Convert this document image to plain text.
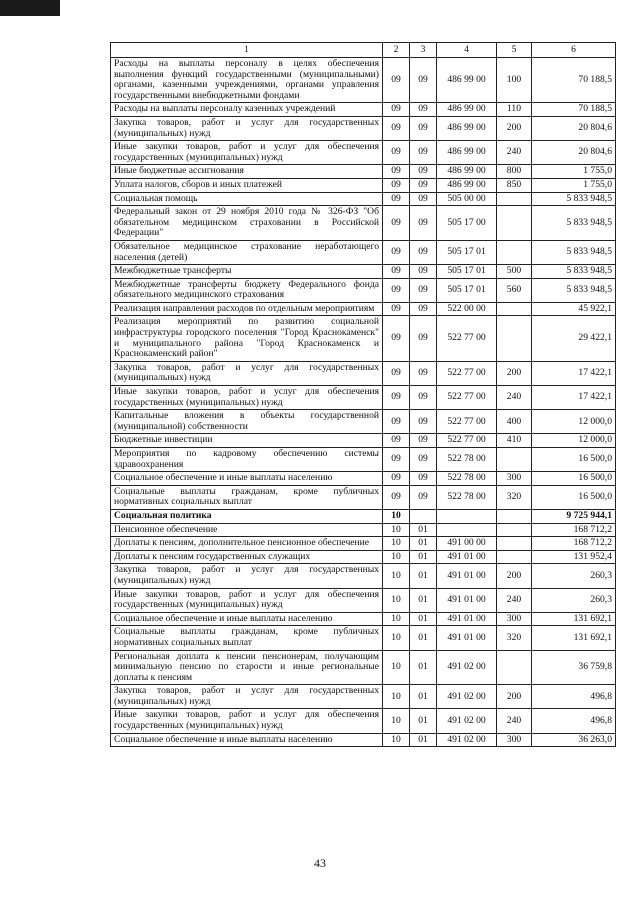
1	2	3	4	5	6
Расходы на выплаты персоналу в целях обеспечения выполнения функций государственными (муниципальными) органами, казенными учреждениями, органами управления государственными внебюджетными фондами	09	09	486 99 00	100	70 188,5
Расходы на выплаты персоналу казенных учреждений	09	09	486 99 00	110	70 188,5
Закупка товаров, работ и услуг для государственных (муниципальных) нужд	09	09	486 99 00	200	20 804,6
Иные закупки товаров, работ и услуг для обеспечения государственных (муниципальных) нужд	09	09	486 99 00	240	20 804,6
Иные бюджетные ассигнования	09	09	486 99 00	800	1 755,0
Уплата налогов, сборов и иных платежей	09	09	486 99 00	850	1 755,0
Социальная помощь	09	09	505 00 00		5 833 948,5
Федеральный закон от 29 ноября 2010 года № 326-ФЗ "Об обязательном медицинском страховании в Российской Федерации"	09	09	505 17 00		5 833 948,5
Обязательное медицинское страхование неработающего населения (детей)	09	09	505 17 01		5 833 948,5
Межбюджетные трансферты	09	09	505 17 01	500	5 833 948,5
Межбюджетные трансферты бюджету Федерального фонда обязательного медицинского страхования	09	09	505 17 01	560	5 833 948,5
Реализация направления расходов по отдельным мероприятиям	09	09	522 00 00		45 922,1
Реализация мероприятий по развитию социальной инфраструктуры городского поселения "Город Краснокаменск" и муниципального района "Город Краснокаменск и Краснокаменский район"	09	09	522 77 00		29 422,1
Закупка товаров, работ и услуг для государственных (муниципальных) нужд	09	09	522 77 00	200	17 422,1
Иные закупки товаров, работ и услуг для обеспечения государственных (муниципальных) нужд	09	09	522 77 00	240	17 422,1
Капитальные вложения в объекты государственной (муниципальной) собственности	09	09	522 77 00	400	12 000,0
Бюджетные инвестиции	09	09	522 77 00	410	12 000,0
Мероприятия по кадровому обеспечению системы здравоохранения	09	09	522 78 00		16 500,0
Социальное обеспечение и иные выплаты населению	09	09	522 78 00	300	16 500,0
Социальные выплаты гражданам, кроме публичных нормативных социальных выплат	09	09	522 78 00	320	16 500,0
Социальная политика	10				9 725 944,1
Пенсионное обеспечение	10	01			168 712,2
Доплаты к пенсиям, дополнительное пенсионное обеспечение	10	01	491 00 00		168 712,2
Доплаты к пенсиям государственных служащих	10	01	491 01 00		131 952,4
Закупка товаров, работ и услуг для государственных (муниципальных) нужд	10	01	491 01 00	200	260,3
Иные закупки товаров, работ и услуг для обеспечения государственных (муниципальных) нужд	10	01	491 01 00	240	260,3
Социальное обеспечение и иные выплаты населению	10	01	491 01 00	300	131 692,1
Социальные выплаты гражданам, кроме публичных нормативных социальных выплат	10	01	491 01 00	320	131 692,1
Региональная доплата к пенсии пенсионерам, получающим минимальную пенсию по старости и иные региональные доплаты к пенсиям	10	01	491 02 00		36 759,8
Закупка товаров, работ и услуг для государственных (муниципальных) нужд	10	01	491 02 00	200	496,8
Иные закупки товаров, работ и услуг для обеспечения государственных (муниципальных) нужд	10	01	491 02 00	240	496,8
Социальное обеспечение и иные выплаты населению	10	01	491 02 00	300	36 263,0
43
